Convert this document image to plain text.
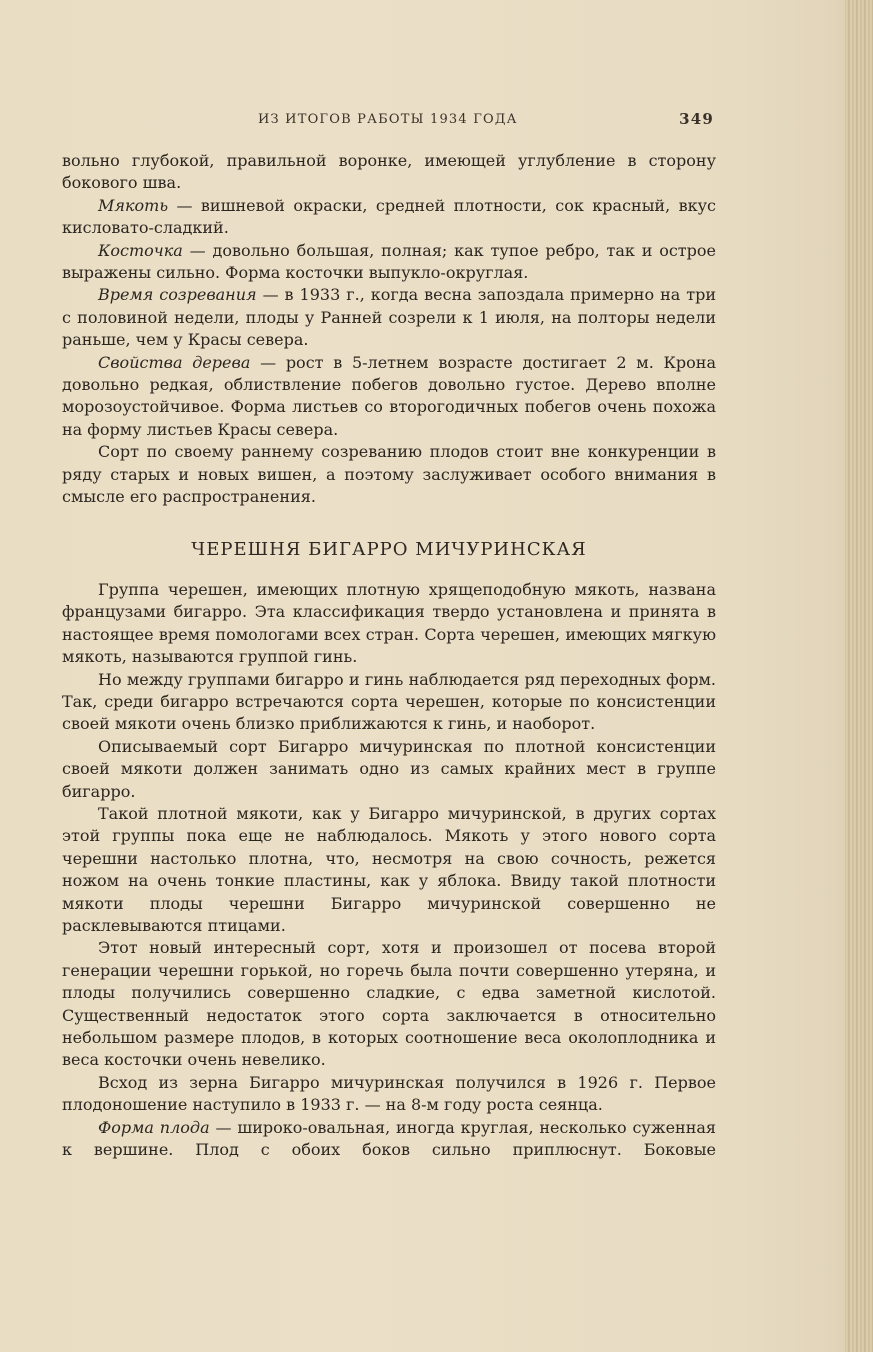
ИЗ ИТОГОВ РАБОТЫ 1934 ГОДА	349

вольно глубокой, правильной воронке, имеющей углубление в сторону бокового шва.

Мякоть — вишневой окраски, средней плотности, сок красный, вкус кисловато-сладкий.

Косточка — довольно большая, полная; как тупое ребро, так и острое выражены сильно. Форма косточки выпукло-округлая.

Время созревания — в 1933 г., когда весна запоздала примерно на три с половиной недели, плоды у Ранней созрели к 1 июля, на полторы недели раньше, чем у Красы севера.

Свойства дерева — рост в 5-летнем возрасте достигает 2 м. Крона довольно редкая, облиствление побегов довольно густое. Дерево вполне морозоустойчивое. Форма листьев со второгодичных побегов очень похожа на форму листьев Красы севера.

Сорт по своему раннему созреванию плодов стоит вне конкуренции в ряду старых и новых вишен, а поэтому заслуживает особого внимания в смысле его распространения.

ЧЕРЕШНЯ БИГАРРО МИЧУРИНСКАЯ

Группа черешен, имеющих плотную хрящеподобную мякоть, названа французами бигарро. Эта классификация твердо установлена и принята в настоящее время помологами всех стран. Сорта черешен, имеющих мягкую мякоть, называются группой гинь.

Но между группами бигарро и гинь наблюдается ряд переходных форм. Так, среди бигарро встречаются сорта черешен, которые по консистенции своей мякоти очень близко приближаются к гинь, и наоборот.

Описываемый сорт Бигарро мичуринская по плотной консистенции своей мякоти должен занимать одно из самых крайних мест в группе бигарро.

Такой плотной мякоти, как у Бигарро мичуринской, в других сортах этой группы пока еще не наблюдалось. Мякоть у этого нового сорта черешни настолько плотна, что, несмотря на свою сочность, режется ножом на очень тонкие пластины, как у яблока. Ввиду такой плотности мякоти плоды черешни Бигарро мичуринской совершенно не расклевываются птицами.

Этот новый интересный сорт, хотя и произошел от посева второй генерации черешни горькой, но горечь была почти совершенно утеряна, и плоды получились совершенно сладкие, с едва заметной кислотой. Существенный недостаток этого сорта заключается в относительно небольшом размере плодов, в которых соотношение веса околоплодника и веса косточки очень невелико.

Всход из зерна Бигарро мичуринская получился в 1926 г. Первое плодоношение наступило в 1933 г. — на 8-м году роста сеянца.

Форма плода — широко-овальная, иногда круглая, несколько суженная к вершине. Плод с обоих боков сильно приплюснут. Боковые
